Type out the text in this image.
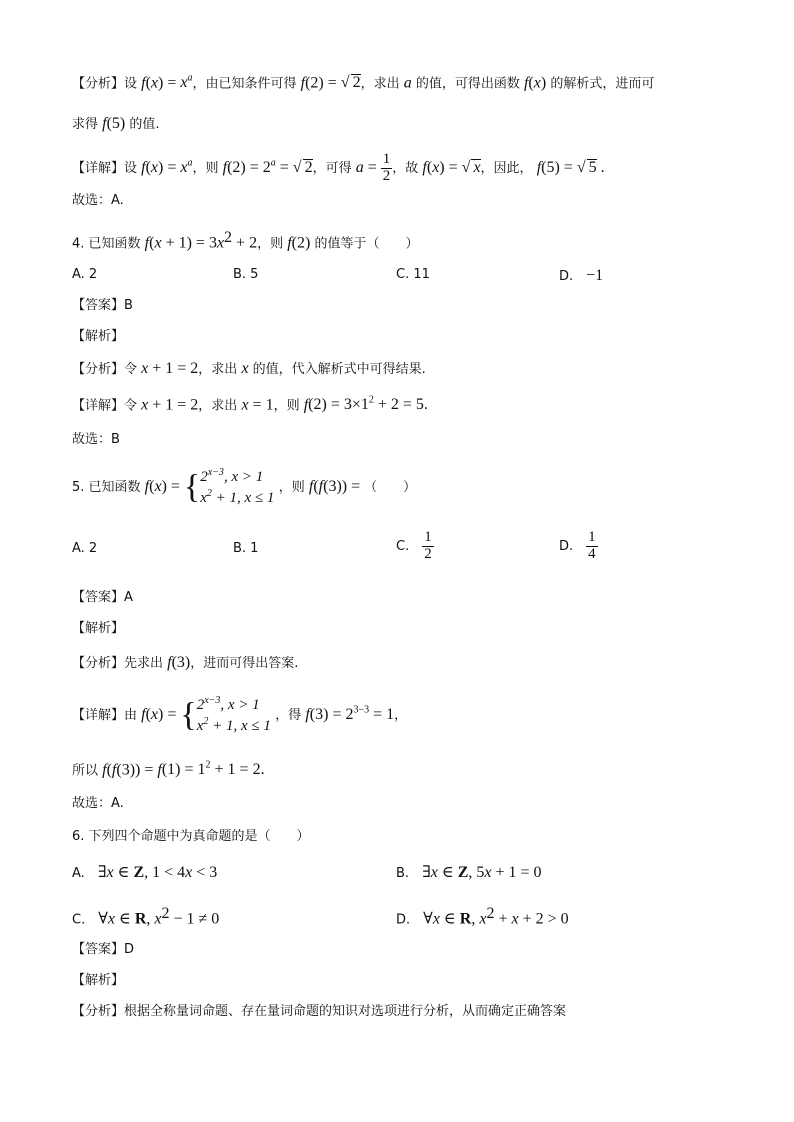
【分析】设 $f(x) = x^a$，由已知条件可得 f(2) = √ 2，求出 a 的值，可得出函数 f(x) 的解析式，进而可
求得 f(5) 的值.
【详解】设 $f(x) = x^a$，则 $f(2) = 2^a$ = √ 2，可得 $a = \frac{1}{2}$ ，故 f(x) = √ x，因此， f(5) = √ 5 .
故选：A.
4. 已知函数 $f(x + 1) = 3x^2 + 2$，则 f(2) 的值等于（　　）
A. 2	B. 5	C. 11	D.　−1
【答案】B
【解析】
【分析】令 x + 1 = 2，求出 x 的值，代入解析式中可得结果.
【详解】令 x + 1 = 2，求出 x = 1，则 $f(2) = 3\times 1^2 + 2 = 5$.
故选：B
5. 已知函数 $f(x) = \{2^{x-3}$, x > 1
$x^2 + 1$, x ≤ 1 ，则 f(f(3)) = （　　）
A. 2	B. 1	C.　 $\frac{1}{2}$	D.　 $\frac{1}{4}$
【答案】A
【解析】
【分析】先求出 f(3)，进而可得出答案.
【详解】由 $f(x) = \{2^{x-3}$, x > 1
$x^2 + 1$, x ≤ 1 ，得 $f(3) = 2^{3-3} = 1$，
所以 $f(f(3)) = f(1) = 1^2 + 1 = 2$.
故选：A.
6. 下列四个命题中为真命题的是（　　）
A.　∃x ∈ Z, 1 < 4x < 3	B.　∃x ∈ Z, 5x + 1 = 0
C.　∀x ∈ R, $x^2 - 1 \ne 0$	D.　∀x ∈ R, $x^2 + x + 2 > 0$
【答案】D
【解析】
【分析】根据全称量词命题、存在量词命题的知识对选项进行分析，从而确定正确答案
